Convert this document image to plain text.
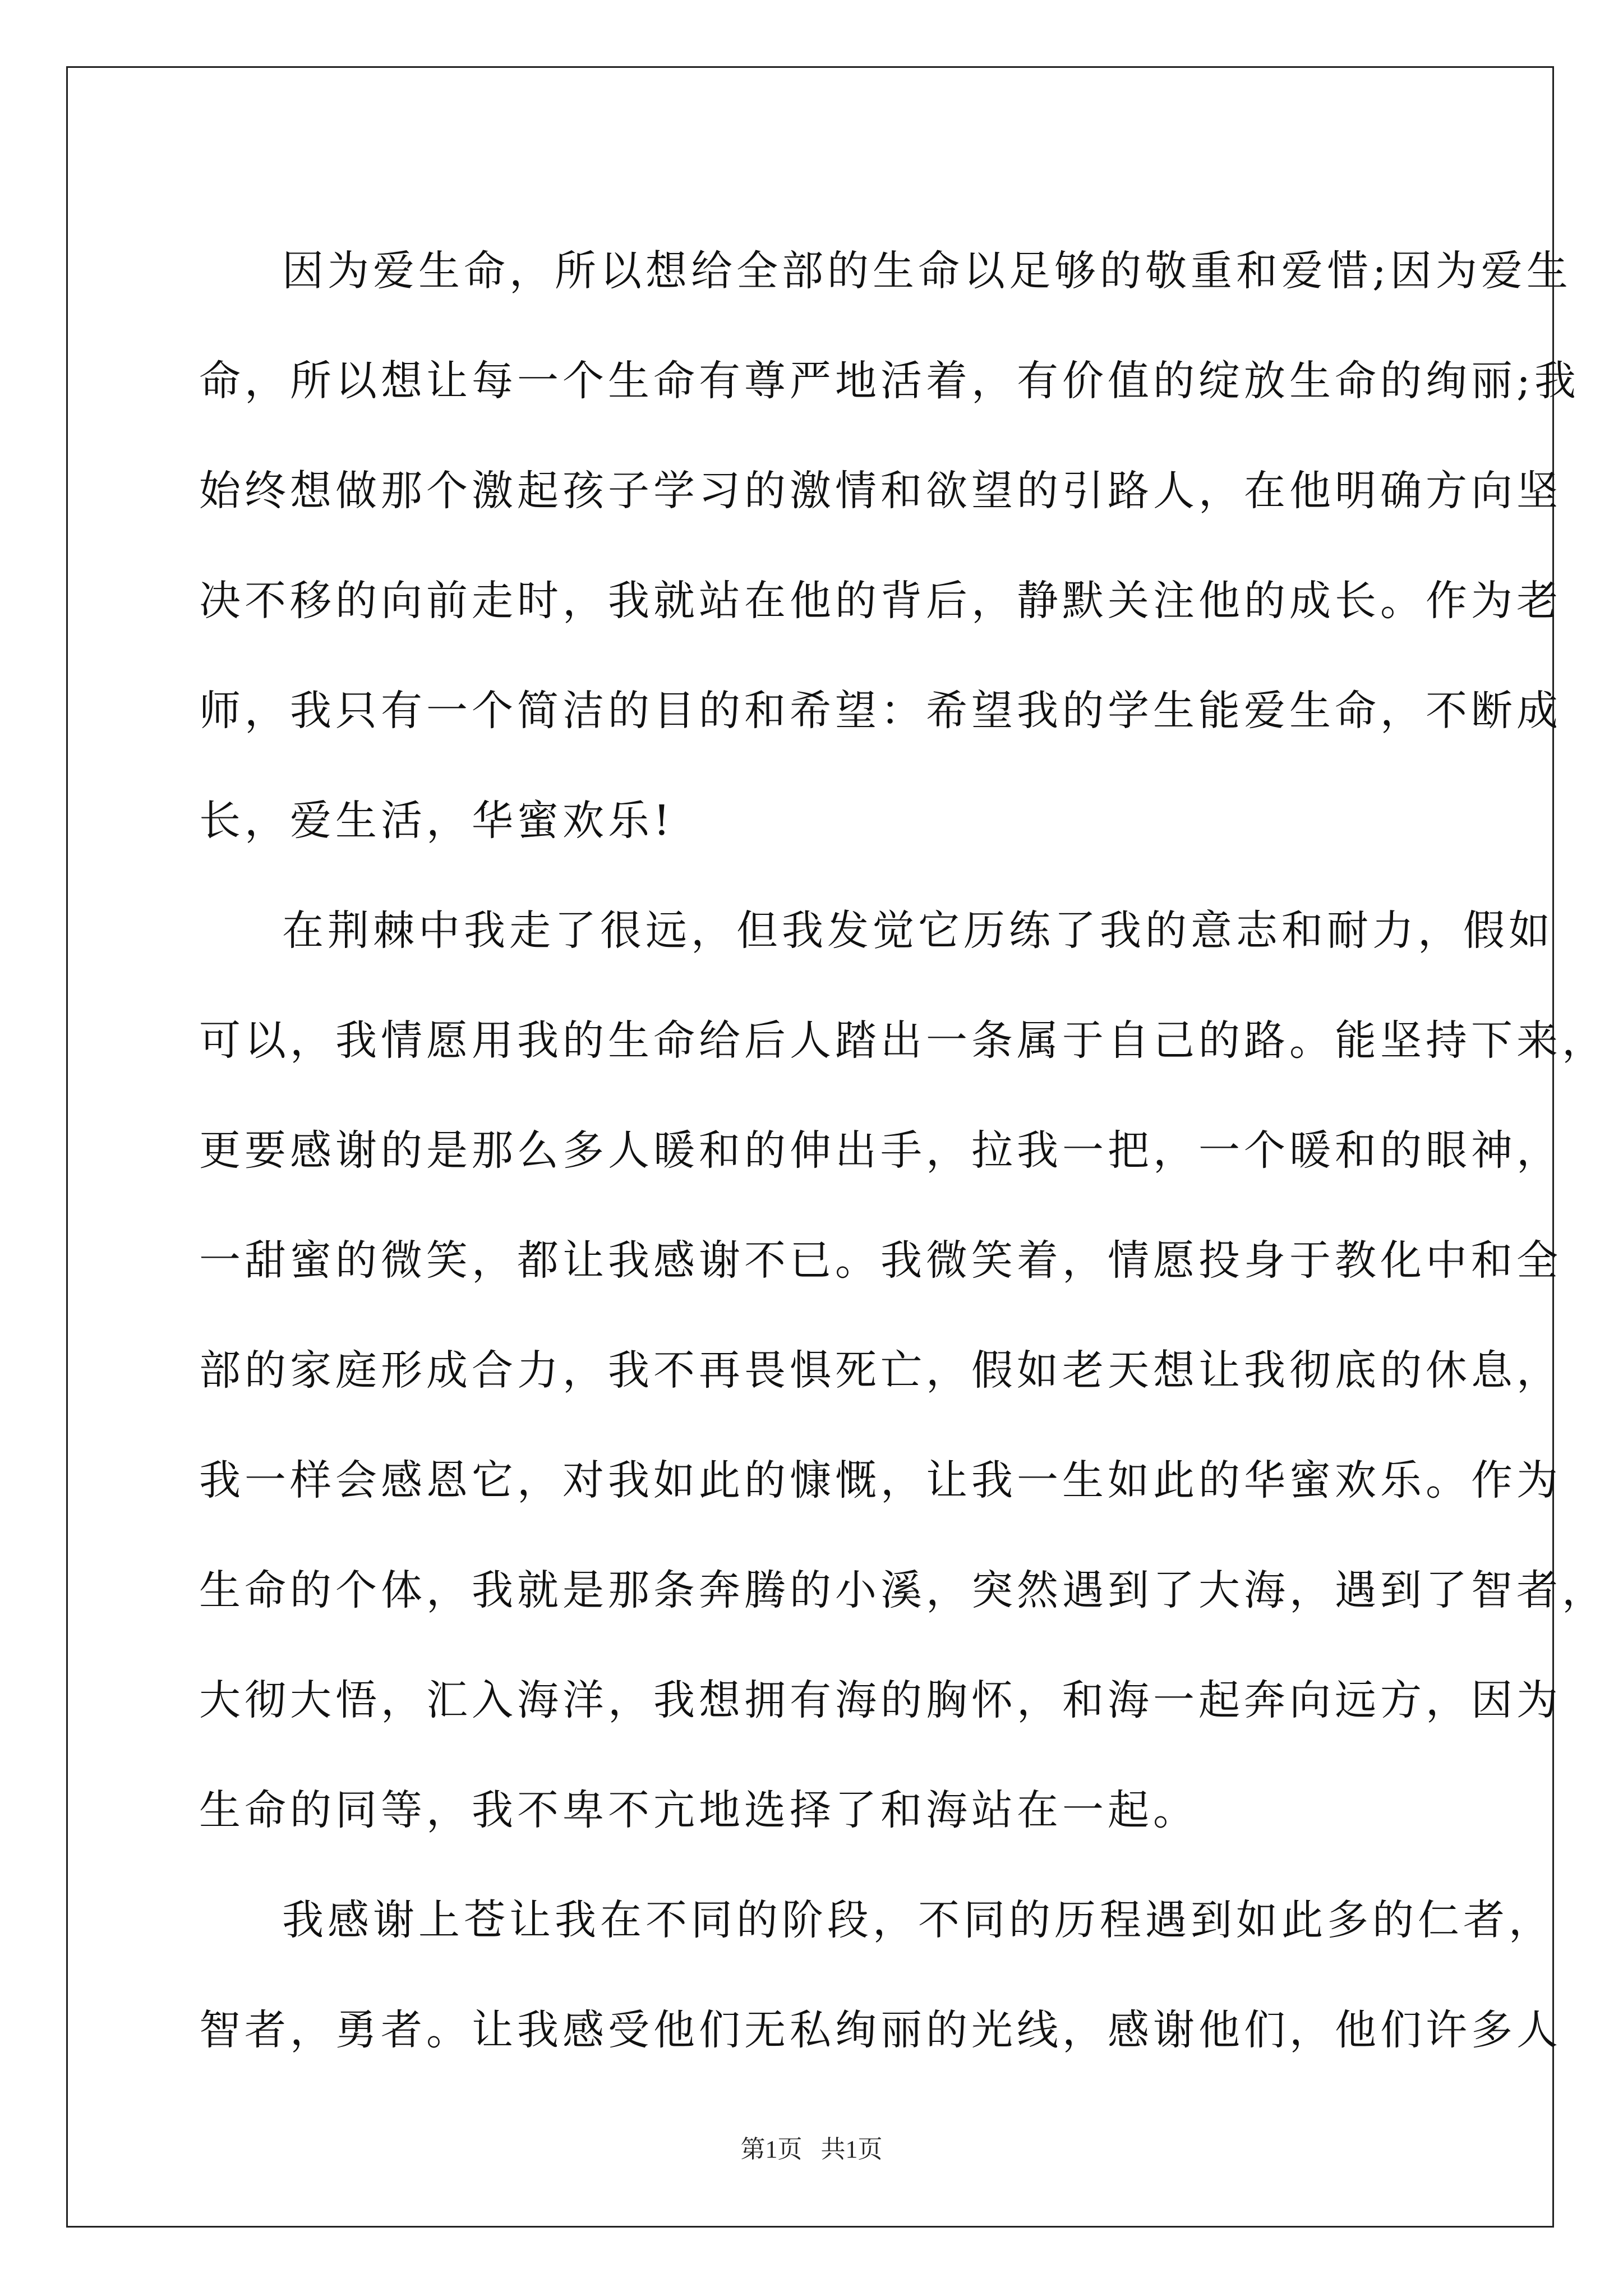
因为爱生命，所以想给全部的生命以足够的敬重和爱惜;因为爱生
命，所以想让每一个生命有尊严地活着，有价值的绽放生命的绚丽;我
始终想做那个激起孩子学习的激情和欲望的引路人，在他明确方向坚
决不移的向前走时，我就站在他的背后，静默关注他的成长。作为老
师，我只有一个简洁的目的和希望：希望我的学生能爱生命，不断成
长，爱生活，华蜜欢乐!
在荆棘中我走了很远，但我发觉它历练了我的意志和耐力，假如
可以，我情愿用我的生命给后人踏出一条属于自己的路。能坚持下来，
更要感谢的是那么多人暖和的伸出手，拉我一把，一个暖和的眼神，
一甜蜜的微笑，都让我感谢不已。我微笑着，情愿投身于教化中和全
部的家庭形成合力，我不再畏惧死亡，假如老天想让我彻底的休息，
我一样会感恩它，对我如此的慷慨，让我一生如此的华蜜欢乐。作为
生命的个体，我就是那条奔腾的小溪，突然遇到了大海，遇到了智者，
大彻大悟，汇入海洋，我想拥有海的胸怀，和海一起奔向远方，因为
生命的同等，我不卑不亢地选择了和海站在一起。
我感谢上苍让我在不同的阶段，不同的历程遇到如此多的仁者，
智者，勇者。让我感受他们无私绚丽的光线，感谢他们，他们许多人
第1页   共1页
